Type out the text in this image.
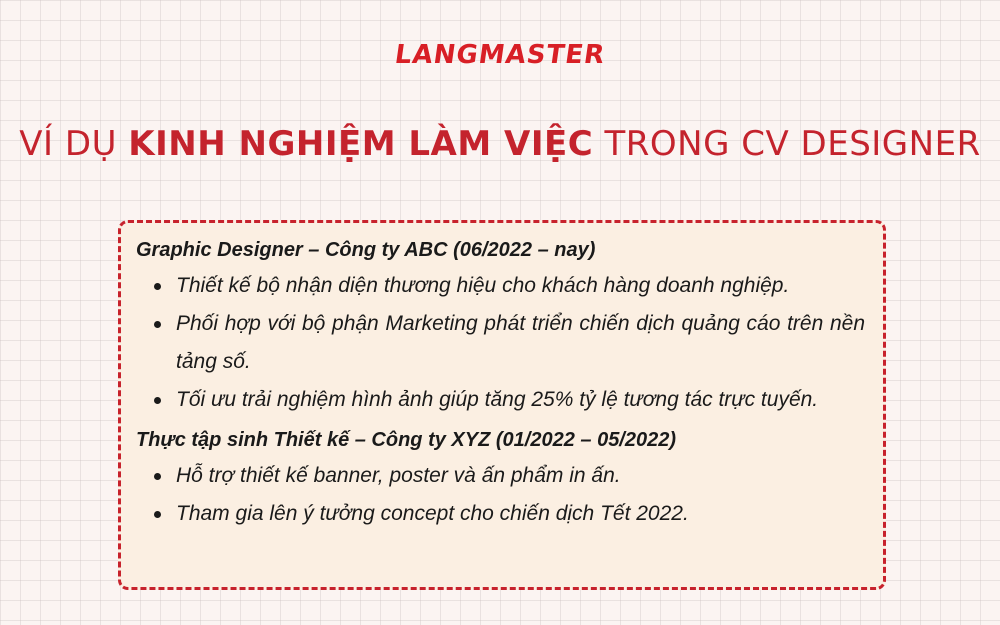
LANGMASTER
VÍ DỤ KINH NGHIỆM LÀM VIỆC TRONG CV DESIGNER

Graphic Designer – Công ty ABC (06/2022 – nay)

Thiết kế bộ nhận diện thương hiệu cho khách hàng doanh nghiệp.
Phối hợp với bộ phận Marketing phát triển chiến dịch quảng cáo trên nền tảng số.
Tối ưu trải nghiệm hình ảnh giúp tăng 25% tỷ lệ tương tác trực tuyến.

Thực tập sinh Thiết kế – Công ty XYZ (01/2022 – 05/2022)

Hỗ trợ thiết kế banner, poster và ấn phẩm in ấn.
Tham gia lên ý tưởng concept cho chiến dịch Tết 2022.
